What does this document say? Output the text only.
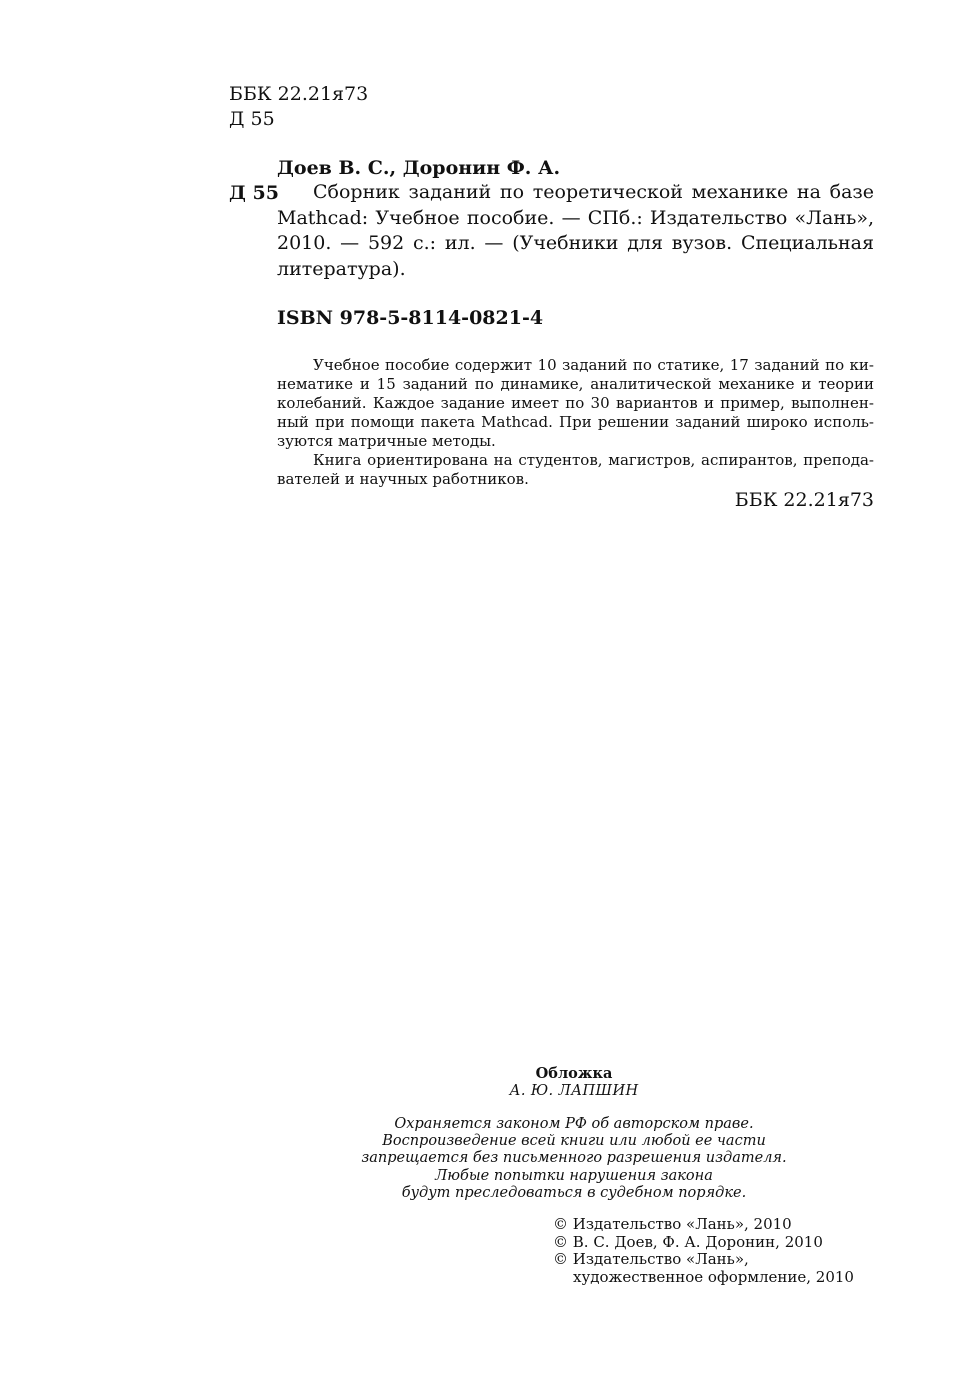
ББК 22.21я73
Д 55
Доев В. С., Доронин Ф. А.
Д 55	Сборник заданий по теоретической механике на базе
Mathcad: Учебное пособие. — СПб.: Издательство «Лань»,
2010. — 592 с.: ил. — (Учебники для вузов. Специальная
литература).
ISBN 978-5-8114-0821-4
Учебное пособие содержит 10 заданий по статике, 17 заданий по ки-
нематике и 15 заданий по динамике, аналитической механике и теории
колебаний. Каждое задание имеет по 30 вариантов и пример, выполнен-
ный при помощи пакета Mathcad. При решении заданий широко исполь-
зуются матричные методы.
Книга ориентирована на студентов, магистров, аспирантов, препода-
вателей и научных работников.
ББК 22.21я73
Обложка
А. Ю. ЛАПШИН
Охраняется законом РФ об авторском праве.
Воспроизведение всей книги или любой ее части
запрещается без письменного разрешения издателя.
Любые попытки нарушения закона
будут преследоваться в судебном порядке.
© Издательство «Лань», 2010
© В. С. Доев, Ф. А. Доронин, 2010
© Издательство «Лань»,
художественное оформление, 2010
